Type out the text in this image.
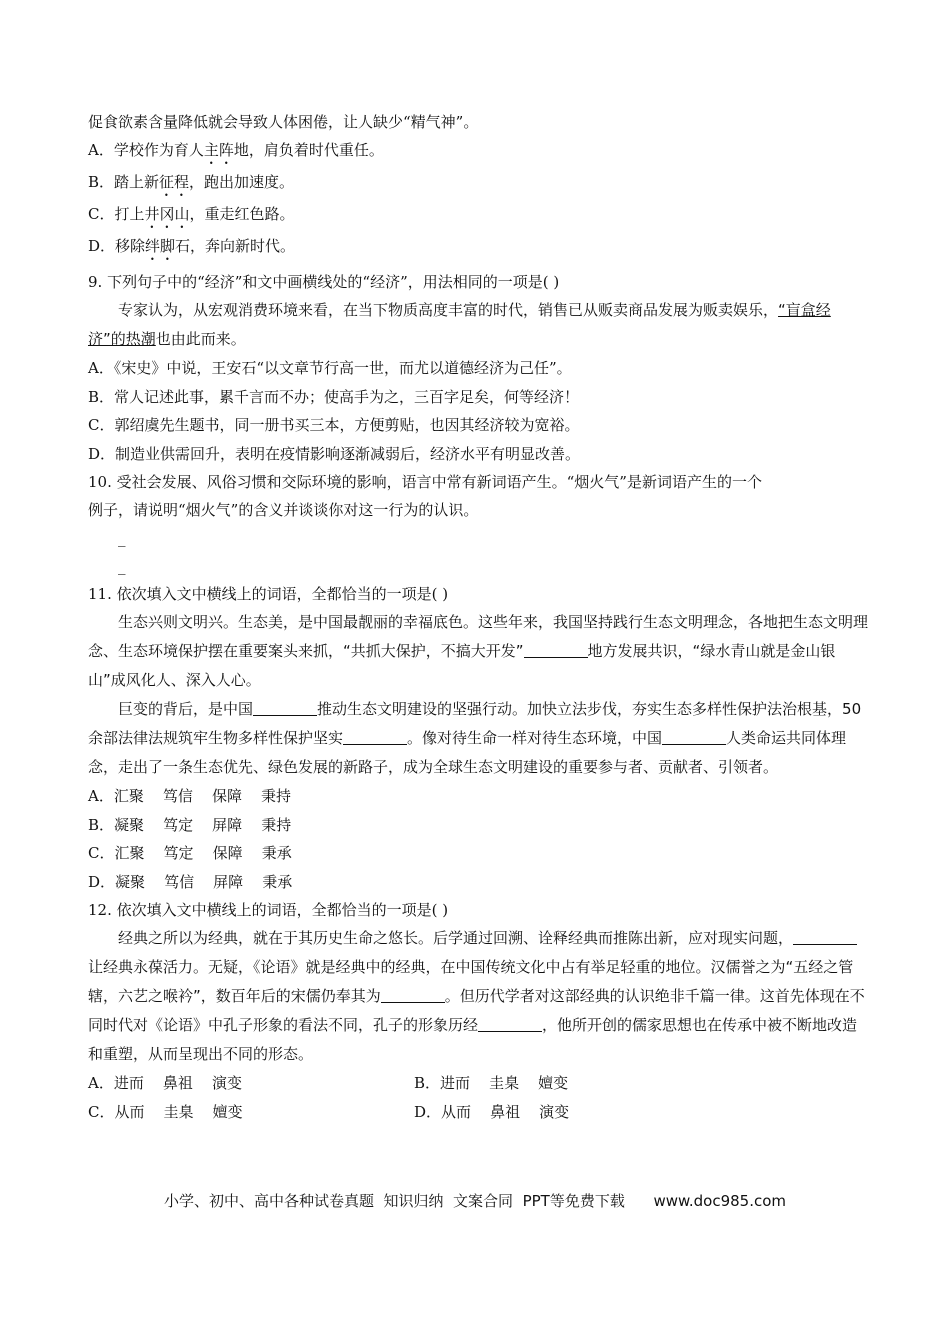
促食欲素含量降低就会导致人体困倦，让人缺少“精气神”。

A．学校作为育人主阵地，肩负着时代重任。

B．踏上新征程，跑出加速度。

C．打上井冈山，重走红色路。

D．移除绊脚石，奔向新时代。

9. 下列句子中的“经济”和文中画横线处的“经济”，用法相同的一项是( )

专家认为，从宏观消费环境来看，在当下物质高度丰富的时代，销售已从贩卖商品发展为贩卖娱乐，“盲盒经济”的热潮也由此而来。

A．《宋史》中说，王安石“以文章节行高一世，而尤以道德经济为己任”。

B．常人记述此事，累千言而不办；使高手为之，三百字足矣，何等经济！

C．郭绍虞先生题书，同一册书买三本，方便剪贴，也因其经济较为宽裕。

D．制造业供需回升，表明在疫情影响逐渐减弱后，经济水平有明显改善。

10. 受社会发展、风俗习惯和交际环境的影响，语言中常有新词语产生。“烟火气”是新词语产生的一个

例子，请说明“烟火气”的含义并谈谈你对这一行为的认识。

_

_

11. 依次填入文中横线上的词语，全都恰当的一项是( )

生态兴则文明兴。生态美，是中国最靓丽的幸福底色。这些年来，我国坚持践行生态文明理念，各地把生态文明理念、生态环境保护摆在重要案头来抓，“共抓大保护，不搞大开发”	地方发展共识，“绿水青山就是金山银山”成风化人、深入人心。

巨变的背后，是中国	推动生态文明建设的坚强行动。加快立法步伐，夯实生态多样性保护法治根基，50余部法律法规筑牢生物多样性保护坚实	。像对待生命一样对待生态环境，中国	人类命运共同体理念，走出了一条生态优先、绿色发展的新路子，成为全球生态文明建设的重要参与者、贡献者、引领者。

A．汇聚    笃信    保障    秉持

B．凝聚    笃定    屏障    秉持

C．汇聚    笃定    保障    秉承

D．凝聚    笃信    屏障    秉承

12. 依次填入文中横线上的词语，全都恰当的一项是( )

经典之所以为经典，就在于其历史生命之悠长。后学通过回溯、诠释经典而推陈出新，应对现实问题，让经典永葆活力。无疑，《论语》就是经典中的经典，在中国传统文化中占有举足轻重的地位。汉儒誉之为“五经之管辖，六艺之喉衿”，数百年后的宋儒仍奉其为	。但历代学者对这部经典的认识绝非千篇一律。这首先体现在不同时代对《论语》中孔子形象的看法不同，孔子的形象历经	，他所开创的儒家思想也在传承中被不断地改造和重塑，从而呈现出不同的形态。

A．进而    鼻祖    演变	B．进而    圭臬    嬗变
C．从而    圭臬    嬗变	D．从而    鼻祖    演变
小学、初中、高中各种试卷真题  知识归纳  文案合同  PPT等免费下载      www.doc985.com
